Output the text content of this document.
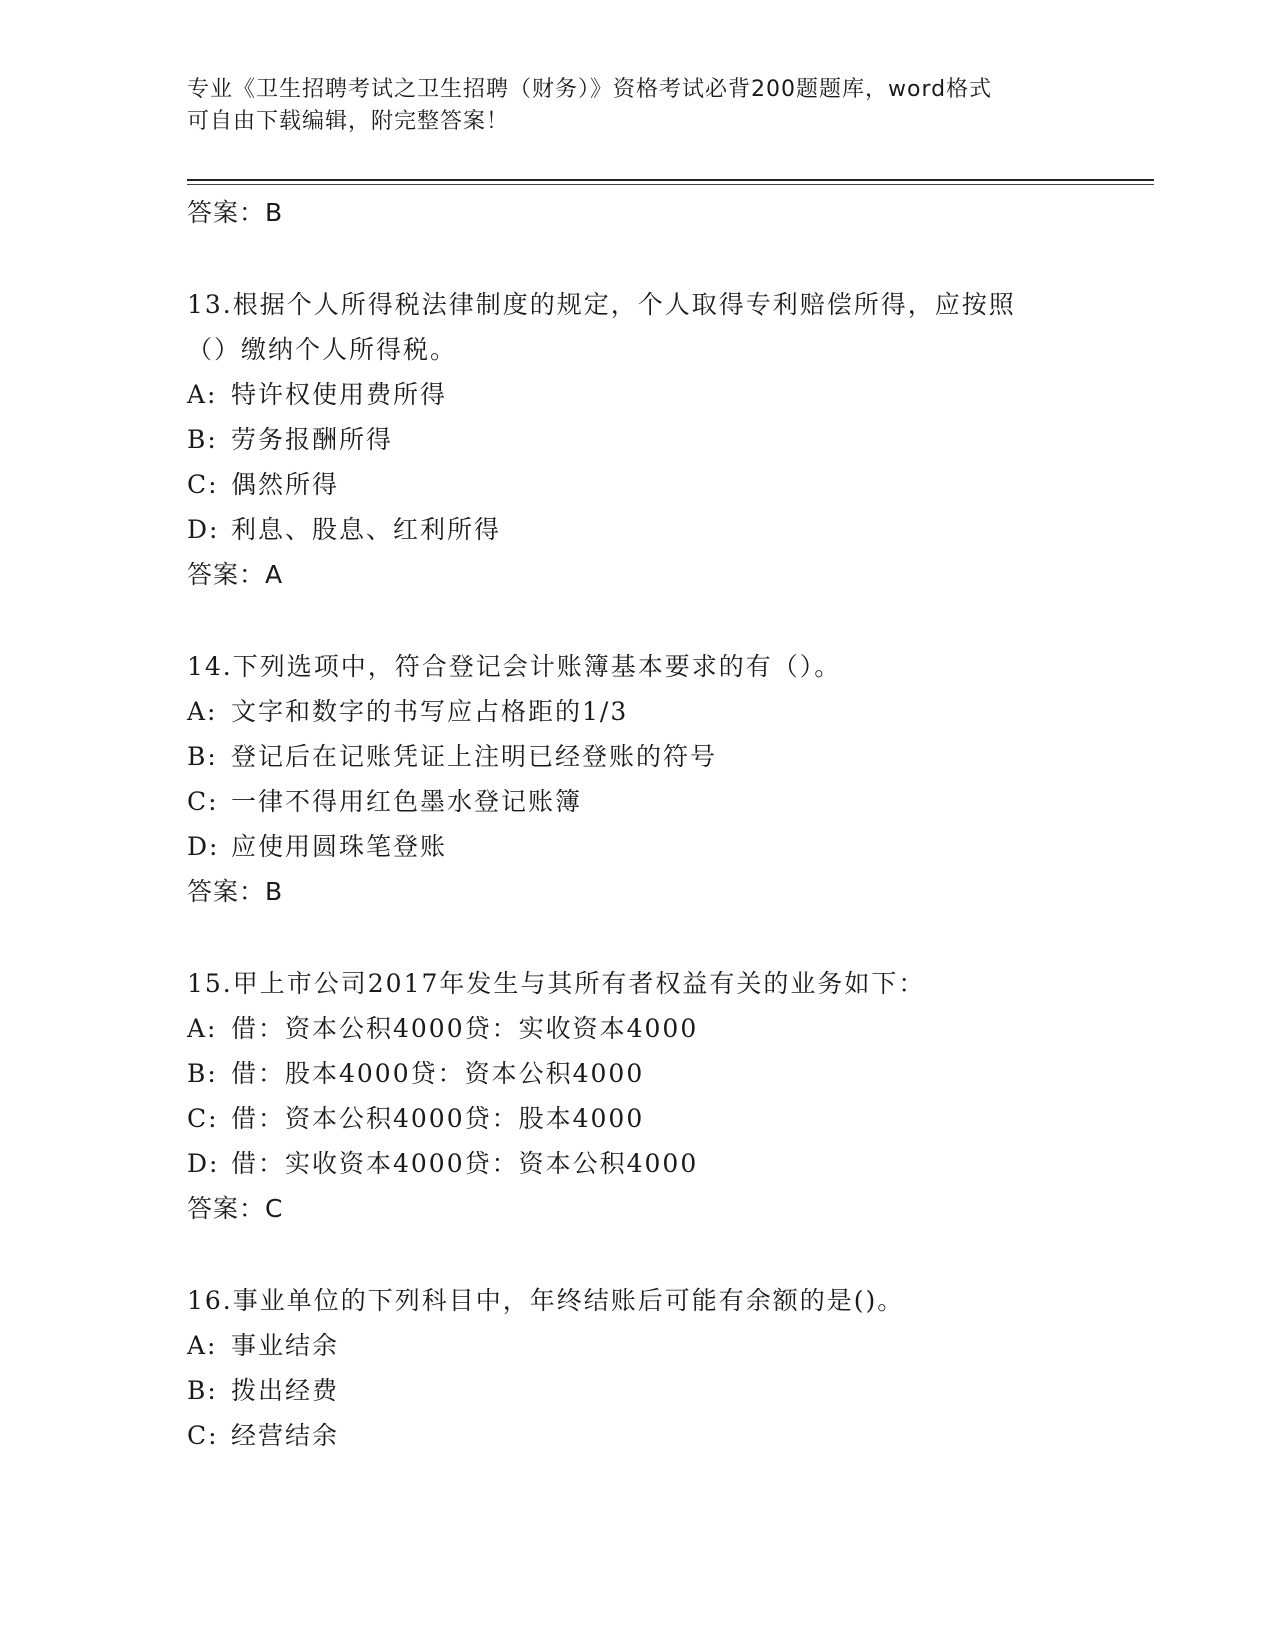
专业《卫生招聘考试之卫生招聘（财务）》资格考试必背200题题库，word格式
可自由下载编辑，附完整答案！

答案：B

13.根据个人所得税法律制度的规定，个人取得专利赔偿所得，应按照
（）缴纳个人所得税。

A: 特许权使用费所得

B: 劳务报酬所得

C: 偶然所得

D: 利息、股息、红利所得

答案：A

14.下列选项中，符合登记会计账簿基本要求的有（）。

A: 文字和数字的书写应占格距的1/3

B: 登记后在记账凭证上注明已经登账的符号

C: 一律不得用红色墨水登记账簿

D: 应使用圆珠笔登账

答案：B

15.甲上市公司2017年发生与其所有者权益有关的业务如下：

A: 借：资本公积4000贷：实收资本4000

B: 借：股本4000贷：资本公积4000

C: 借：资本公积4000贷：股本4000

D: 借：实收资本4000贷：资本公积4000

答案：C

16.事业单位的下列科目中，年终结账后可能有余额的是()。

A: 事业结余

B: 拨出经费

C: 经营结余
